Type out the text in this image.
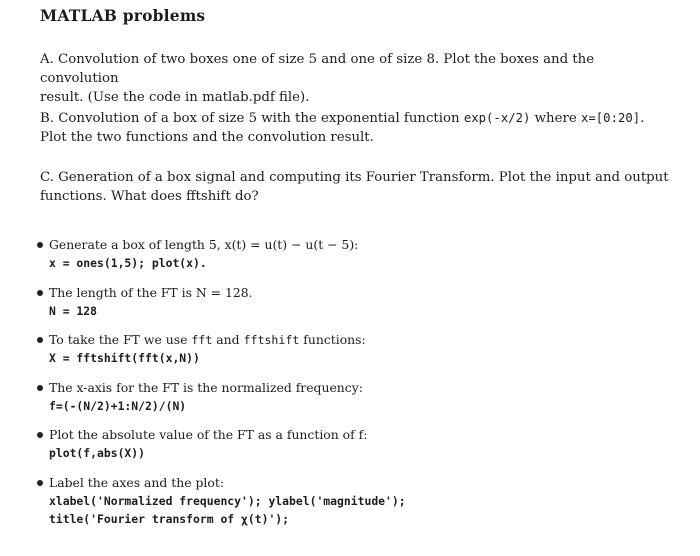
MATLAB problems
A. Convolution of two boxes one of size 5 and one of size 8. Plot the boxes and the convolution
result. (Use the code in matlab.pdf file).
B. Convolution of a box of size 5 with the exponential function exp(-x/2) where x=[0:20].
Plot the two functions and the convolution result.
C. Generation of a box signal and computing its Fourier Transform. Plot the input and output
functions. What does fftshift do?
Generate a box of length 5, x(t) = u(t) − u(t − 5):
x = ones(1,5); plot(x).
The length of the FT is N = 128.
N = 128
To take the FT we use fft and fftshift functions:
X = fftshift(fft(x,N))
The x-axis for the FT is the normalized frequency:
f=(-(N/2)+1:N/2)/(N)
Plot the absolute value of the FT as a function of f:
plot(f,abs(X))
Label the axes and the plot:
xlabel('Normalized frequency'); ylabel('magnitude');
title('Fourier transform of χ(t)');
